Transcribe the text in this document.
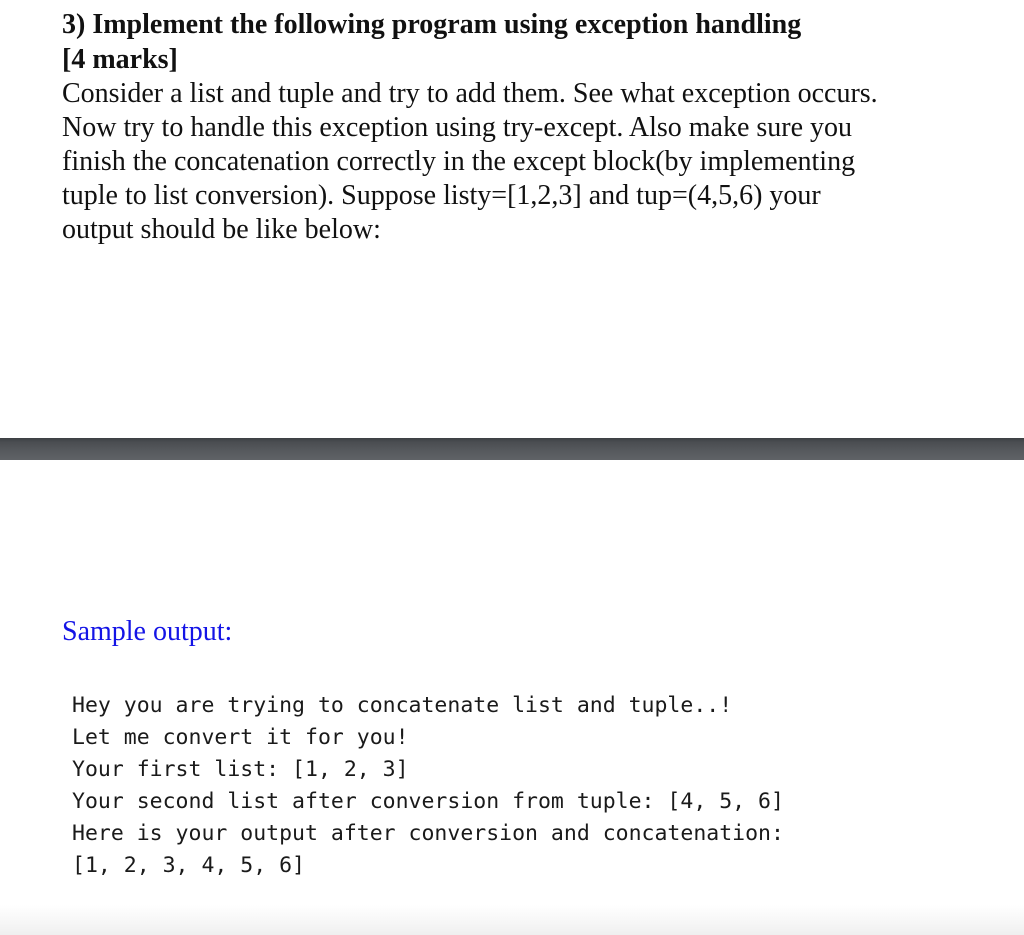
3) Implement the following program using exception handling

[4 marks]

Consider a list and tuple and try to add them. See what exception occurs.
Now try to handle this exception using try-except. Also make sure you
finish the concatenation correctly in the except block(by implementing
tuple to list conversion). Suppose listy=[1,2,3] and tup=(4,5,6) your
output should be like below:

Sample output:

Hey you are trying to concatenate list and tuple..!
Let me convert it for you!
Your first list: [1, 2, 3]
Your second list after conversion from tuple: [4, 5, 6]
Here is your output after conversion and concatenation:
[1, 2, 3, 4, 5, 6]
